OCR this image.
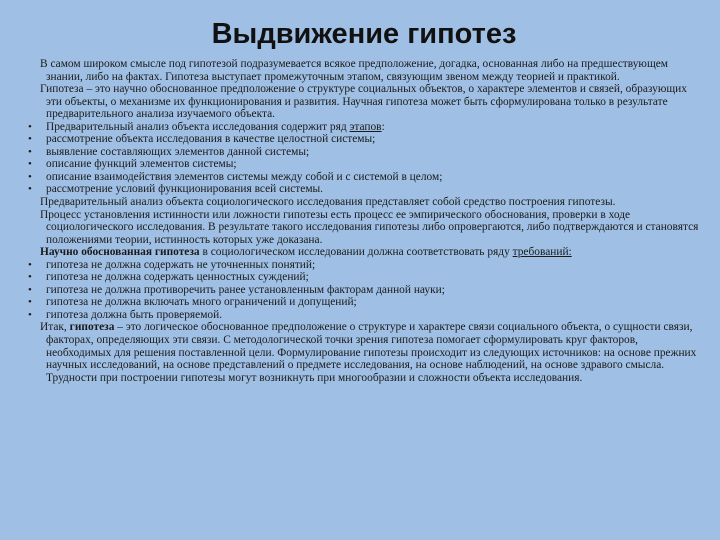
Выдвижение гипотез

В самом широком смысле под гипотезой подразумевается всякое предположение, догадка, основанная либо на предшествующем знании, либо на фактах. Гипотеза выступает промежуточным этапом, связующим звеном между теорией и практикой.

Гипотеза – это научно обоснованное предположение о структуре социальных объектов, о характере элементов и связей, образующих эти объекты, о механизме их функционирования и развития. Научная гипотеза может быть сформулирована только в результате предварительного анализа изучаемого объекта.

• Предварительный анализ объекта исследования содержит ряд этапов:

• рассмотрение объекта исследования в качестве целостной системы;

• выявление составляющих элементов данной системы;

• описание функций элементов системы;

• описание взаимодействия элементов системы между собой и с системой в целом;

• рассмотрение условий функционирования всей системы.

Предварительный анализ объекта социологического исследования представляет собой средство построения гипотезы.

Процесс установления истинности или ложности гипотезы есть процесс ее эмпирического обоснования, проверки в ходе социологического исследования. В результате такого исследования гипотезы либо опровергаются, либо подтверждаются и становятся положениями теории, истинность которых уже доказана.

Научно обоснованная гипотеза в социологическом исследовании должна соответствовать ряду требований:

• гипотеза не должна содержать не уточненных понятий;

• гипотеза не должна содержать ценностных суждений;

• гипотеза не должна противоречить ранее установленным факторам данной науки;

• гипотеза не должна включать много ограничений и допущений;

• гипотеза должна быть проверяемой.

Итак, гипотеза – это логическое обоснованное предположение о структуре и характере связи социального объекта, о сущности связи, факторах, определяющих эти связи. С методологической точки зрения гипотеза помогает сформулировать круг факторов, необходимых для решения поставленной цели. Формулирование гипотезы происходит из следующих источников: на основе прежних научных исследований, на основе представлений о предмете исследования, на основе наблюдений, на основе здравого смысла. Трудности при построении гипотезы могут возникнуть при многообразии и сложности объекта исследования.
